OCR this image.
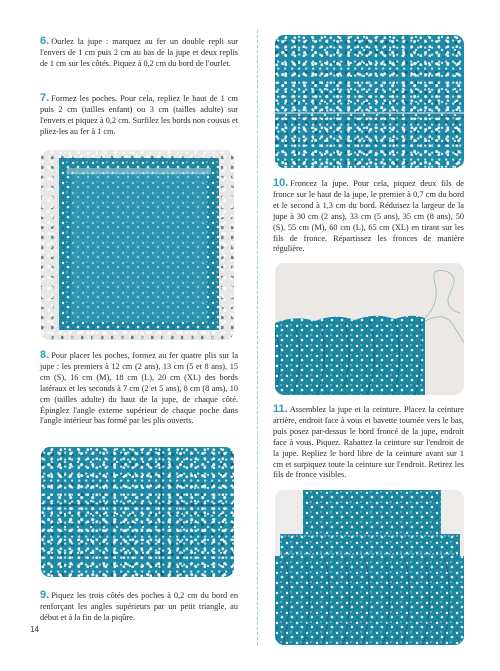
6. Ourlez la jupe : marquez au fer un double repli sur l'envers de 1 cm puis 2 cm au bas de la jupe et deux replis de 1 cm sur les côtés. Piquez à 0,2 cm du bord de l'ourlet.

7. Formez les poches. Pour cela, repliez le haut de 1 cm puis 2 cm (tailles enfant) ou 3 cm (tailles adulte) sur l'envers et piquez à 0,2 cm. Surfilez les bords non cousus et pliez-les au fer à 1 cm.

8. Pour placer les poches, formez au fer quatre plis sur la jupe : les premiers à 12 cm (2 ans), 13 cm (5 et 8 ans), 15 cm (S), 16 cm (M), 18 cm (L), 20 cm (XL) des bords latéraux et les seconds à 7 cm (2 et 5 ans), 8 cm (8 ans), 10 cm (tailles adulte) du haut de la jupe, de chaque côté. Épinglez l'angle externe supérieur de chaque poche dans l'angle intérieur bas formé par les plis ouverts.

9. Piquez les trois côtés des poches à 0,2 cm du bord en renforçant les angles supérieurs par un petit triangle, au début et à la fin de la piqûre.

10. Froncez la jupe. Pour cela, piquez deux fils de fronce sur le haut de la jupe, le premier à 0,7 cm du bord et le second à 1,3 cm du bord. Réduisez la largeur de la jupe à 30 cm (2 ans), 33 cm (5 ans), 35 cm (8 ans), 50 (S), 55 cm (M), 60 cm (L), 65 cm (XL) en tirant sur les fils de fronce. Répartissez les fronces de manière régulière.

11. Assemblez la jupe et la ceinture. Placez la ceinture arrière, endroit face à vous et bavette tournée vers le bas, puis posez par-dessus le bord froncé de la jupe, endroit face à vous. Piquez. Rabattez la ceinture sur l'endroit de la jupe. Repliez le bord libre de la ceinture avant sur 1 cm et surpiquez toute la ceinture sur l'endroit. Retirez les fils de fronce visibles.

14
